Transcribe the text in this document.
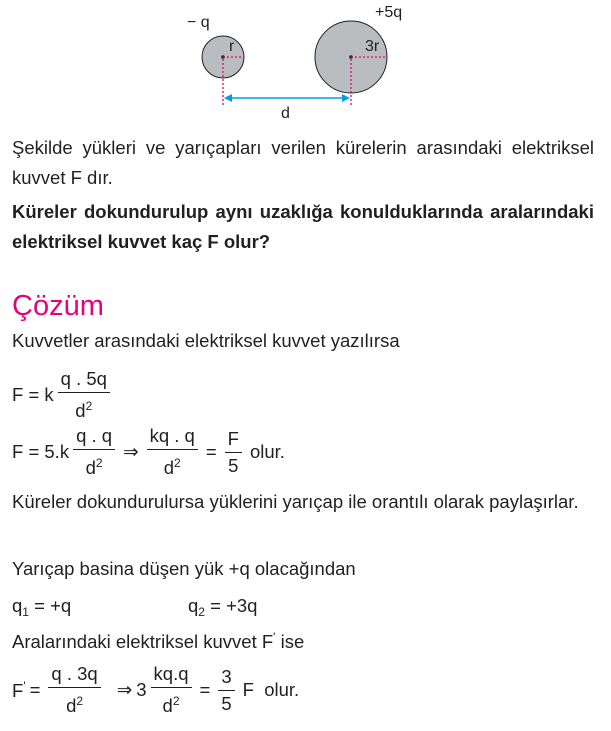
− q
r
+5q
3r
d

Şekilde yükleri ve yarıçapları verilen kürelerin arasındaki elektriksel kuvvet F dır.

Küreler dokundurulup aynı uzaklığa konulduklarında aralarındaki elektriksel kuvvet kaç F olur?

Çözüm

Kuvvetler arasındaki elektriksel kuvvet yazılırsa

F = k $\frac{q . 5q}{d^2}$
$F = 5.k \frac{q . q}{d^2}$ ⇒ $\frac{kq . q}{d^2} = \frac{F}{5}$ olur.

Küreler dokundurulursa yüklerini yarıçap ile orantılı olarak paylaşırlar.

Yarıçap basina düşen yük +q olacağından

$q_1 = +q$	$q_2 = +3q$
Aralarındaki elektriksel kuvvet F' ise
$F' = \frac{q . 3q}{d^2}$ ⇒ $3 \frac{kq.q}{d^2} = \frac{3}{5}$ F  olur.
